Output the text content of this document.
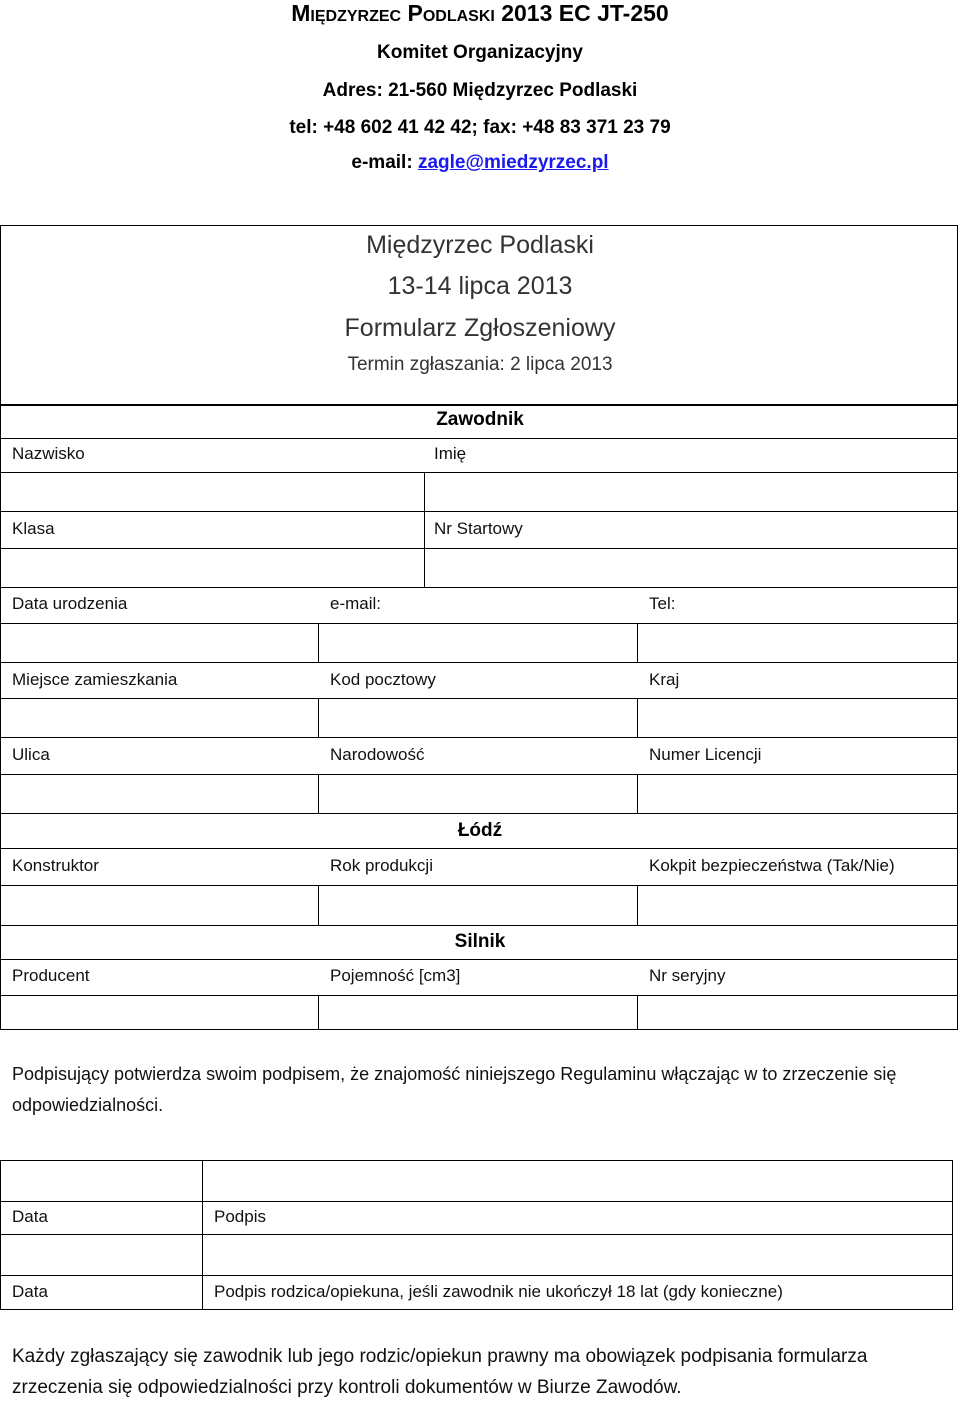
Międzyrzec Podlaski 2013 EC JT-250
Komitet Organizacyjny
Adres: 21-560 Międzyrzec Podlaski
tel: +48 602 41 42 42; fax: +48 83 371 23 79
e-mail: zagle@miedzyrzec.pl
Międzyrzec Podlaski
13-14 lipca 2013
Formularz Zgłoszeniowy
Termin zgłaszania: 2 lipca 2013
Zawodnik
Nazwisko	Imię
Klasa	Nr Startowy
Data urodzenia	e-mail:	Tel:
Miejsce zamieszkania	Kod pocztowy	Kraj
Ulica	Narodowość	Numer Licencji
Łódź
Konstruktor	Rok produkcji	Kokpit bezpieczeństwa (Tak/Nie)
Silnik
Producent	Pojemność [cm3]	Nr seryjny
Podpisujący potwierdza swoim podpisem, że znajomość niniejszego Regulaminu włączając w to zrzeczenie się odpowiedzialności.
Data	Podpis
Data	Podpis rodzica/opiekuna, jeśli zawodnik nie ukończył 18 lat (gdy konieczne)
Każdy zgłaszający się zawodnik lub jego rodzic/opiekun prawny ma obowiązek podpisania formularza zrzeczenia się odpowiedzialności przy kontroli dokumentów w Biurze Zawodów.
